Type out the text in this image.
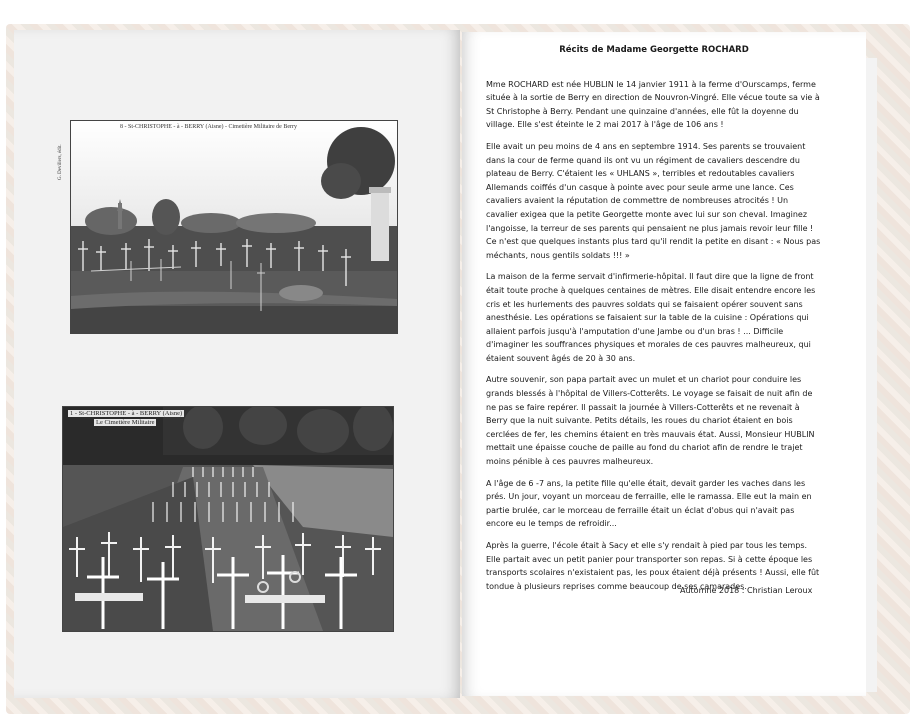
8 - St-CHRISTOPHE - à - BERRY (Aisne) - Cimetière Militaire de Berry
G. Devillers, édit.
1 - St-CHRISTOPHE - à - BERRY (Aisne)
Le Cimetière Militaire

Récits de Madame Georgette ROCHARD

Mme ROCHARD est née HUBLIN le 14 janvier 1911 à la ferme d'Ourscamps, ferme située à la sortie de Berry en direction de Nouvron-Vingré. Elle vécue toute sa vie à St Christophe à Berry. Pendant une quinzaine d'années, elle fût la doyenne du village. Elle s'est éteinte le 2 mai 2017 à l'âge de 106 ans !

Elle avait un peu moins de 4 ans en septembre 1914. Ses parents se trouvaient dans la cour de ferme quand ils ont vu un régiment de cavaliers descendre du plateau de Berry. C'étaient les « UHLANS », terribles et redoutables cavaliers Allemands coiffés d'un casque à pointe avec pour seule arme une lance. Ces cavaliers avaient la réputation de commettre de nombreuses atrocités ! Un cavalier exigea que la petite Georgette monte avec lui sur son cheval. Imaginez l'angoisse, la terreur de ses parents qui pensaient ne plus jamais revoir leur fille ! Ce n'est que quelques instants plus tard qu'il rendit la petite en disant : « Nous pas méchants, nous gentils soldats !!! »

La maison de la ferme servait d'infirmerie-hôpital. Il faut dire que la ligne de front était toute proche à quelques centaines de mètres. Elle disait entendre encore les cris et les hurlements des pauvres soldats qui se faisaient opérer souvent sans anesthésie. Les opérations se faisaient sur la table de la cuisine : Opérations qui allaient parfois jusqu'à l'amputation d'une Jambe ou d'un bras ! ... Difficile d'imaginer les souffrances physiques et morales de ces pauvres malheureux, qui étaient souvent âgés de 20 à 30 ans.

Autre souvenir, son papa partait avec un mulet et un chariot pour conduire les grands blessés à l'hôpital de Villers-Cotterêts. Le voyage se faisait de nuit afin de ne pas se faire repérer. Il passait la journée à Villers-Cotterêts et ne revenait à Berry que la nuit suivante. Petits détails, les roues du chariot étaient en bois cerclées de fer, les chemins étaient en très mauvais état. Aussi, Monsieur HUBLIN mettait une épaisse couche de paille au fond du chariot afin de rendre le trajet moins pénible à ces pauvres malheureux.

A l'âge de 6 -7 ans, la petite fille qu'elle était, devait garder les vaches dans les prés. Un jour, voyant un morceau de ferraille, elle le ramassa. Elle eut la main en partie brulée, car le morceau de ferraille était un éclat d'obus qui n'avait pas encore eu le temps de refroidir...

Après la guerre, l'école était à Sacy et elle s'y rendait à pied par tous les temps. Elle partait avec un petit panier pour transporter son repas. Si à cette époque les transports scolaires n'existaient pas, les poux étaient déjà présents ! Aussi, elle fût tondue à plusieurs reprises comme beaucoup de ses camarades.

Automne 2018 : Christian Leroux
